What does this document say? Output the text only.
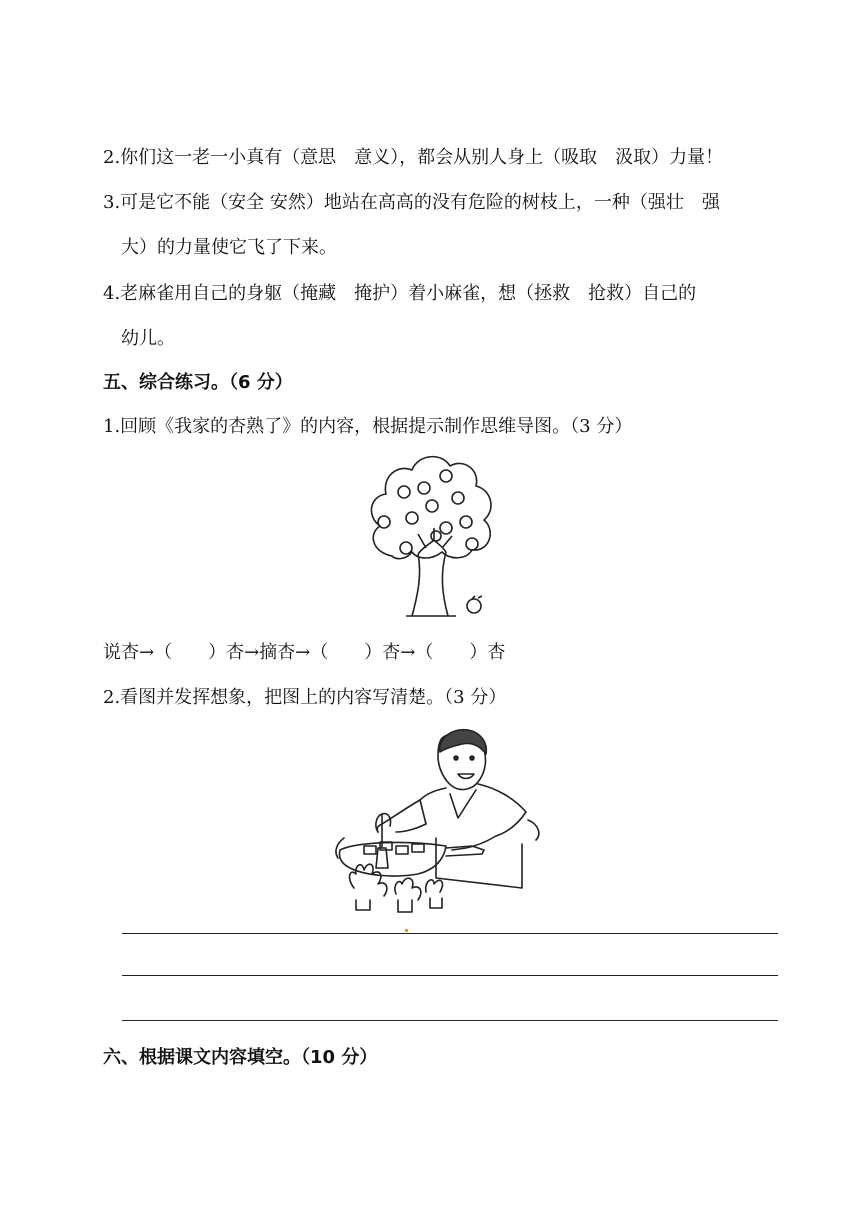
2.你们这一老一小真有（意思　意义），都会从别人身上（吸取　汲取）力量！
3.可是它不能（安全 安然）地站在高高的没有危险的树枝上，一种（强壮　强
大）的力量使它飞了下来。
4.老麻雀用自己的身躯（掩藏　掩护）着小麻雀，想（拯救　抢救）自己的
幼儿。
五、综合练习。（6 分）
1.回顾《我家的杏熟了》的内容，根据提示制作思维导图。（3 分）
说杏→（　　）杏→摘杏→（　　）杏→（　　）杏
2.看图并发挥想象，把图上的内容写清楚。（3 分）
六、根据课文内容填空。（10 分）
